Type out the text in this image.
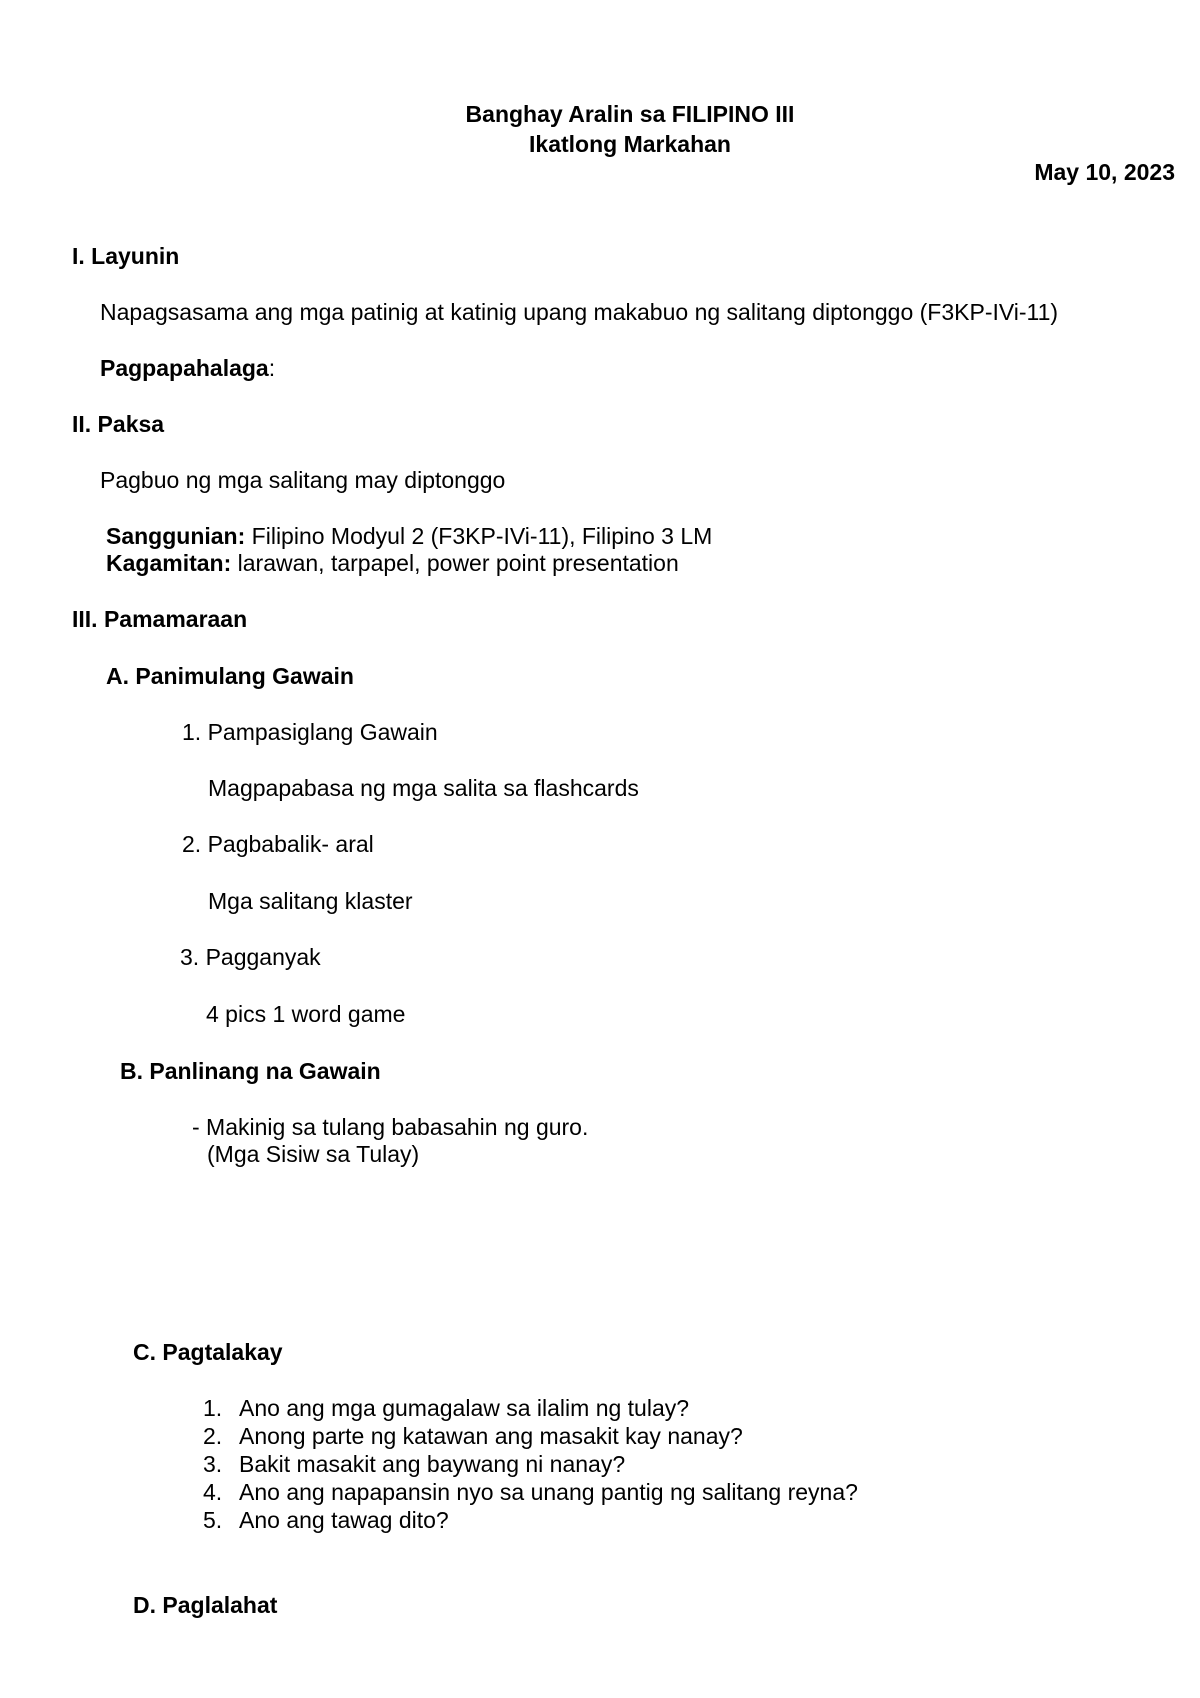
Banghay Aralin sa FILIPINO III
Ikatlong Markahan
May 10, 2023
I. Layunin
Napagsasama ang mga patinig at katinig upang makabuo ng salitang diptonggo (F3KP-IVi-11)
Pagpapahalaga:
II. Paksa
Pagbuo ng mga salitang may diptonggo
Sanggunian: Filipino Modyul 2 (F3KP-IVi-11), Filipino 3 LM
Kagamitan: larawan, tarpapel, power point presentation
III. Pamamaraan
A. Panimulang Gawain
1. Pampasiglang Gawain
Magpapabasa ng mga salita sa flashcards
2. Pagbabalik- aral
Mga salitang klaster
3. Pagganyak
4 pics 1 word game
B. Panlinang na Gawain
- Makinig sa tulang babasahin ng guro.
(Mga Sisiw sa Tulay)
C. Pagtalakay
1. Ano ang mga gumagalaw sa ilalim ng tulay?
2. Anong parte ng katawan ang masakit kay nanay?
3. Bakit masakit ang baywang ni nanay?
4. Ano ang napapansin nyo sa unang pantig ng salitang reyna?
5. Ano ang tawag dito?
D. Paglalahat
